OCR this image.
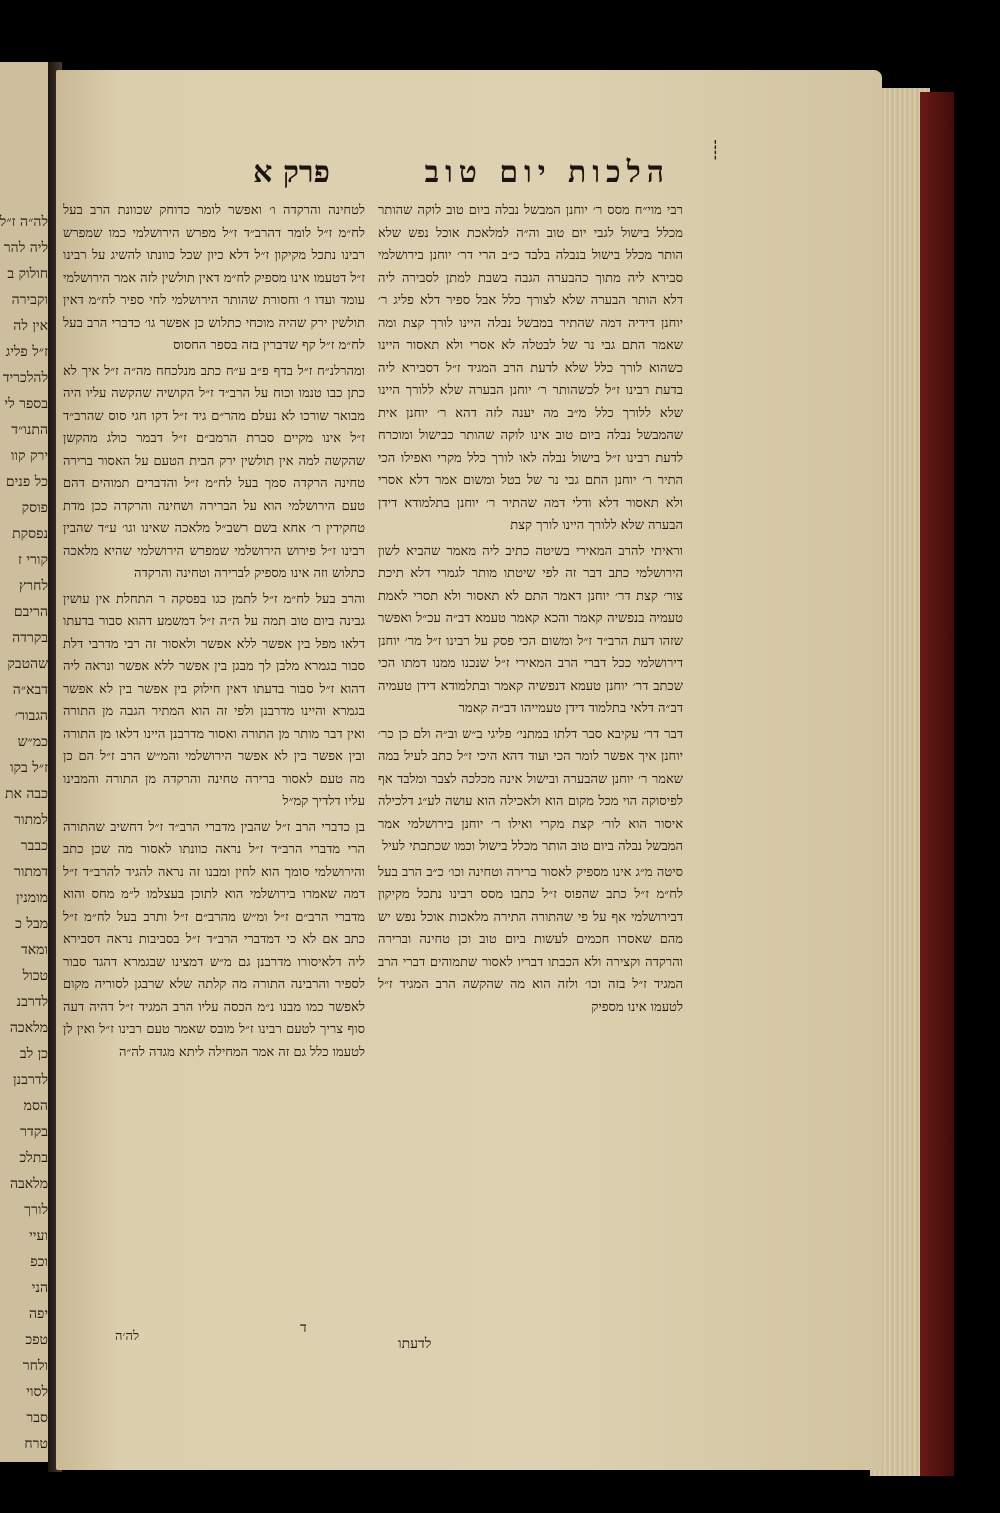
לה״ה ז״ל
ליה להר
חולוק ב
וקבירה
אין לה
ז״ל פליג
להלכריד
בספר לי
התנו״ד
ירק קוו
כל פנים
פוסק
נפסקת
קורי ז
לחרץ
הריבם
בקרדה
שהטבק
דבא״ה
הגבור׳
כמ״ש
ז״ל בקו
כבה את
למתור
כבבר
דמתור
מומנין
מבל כ
ומאד
טכול
לדרבנ
מלאכה
כן לב
לדרבנן
הסמ
בקדר
בתלכ
מלאבה
לורך
ועיי
וכפ
הני
יפה
טפכ
ולחר
לסוי
סבר
טרח
┊
הלכות יום טוב
פרק א

רבי מוי״ח מסס ר׳ יוחנן המבשל נבלה ביום טוב לוקה שהותר מכלל בישול לגבי יום טוב וה״ה למלאכת אוכל נפש שלא הותר מכלל בישול בנבלה בלבד כ״ב הרי דר׳ יוחנן בירושלמי סבירא ליה מתוך כהבערה הגבה בשבת למתן לסבירה ליה דלא הותר הבערה שלא לצורך כלל אבל ספיר דלא פליג ר׳ יוחנן דידיה דמה שהתיר במבשל נבלה היינו לורך קצת ומה שאמר התם גבי נר של לבטלה לא אסרי ולא תאסור היינו כשהוא לורך כלל שלא לדעת הרב המגיד ז״ל דסבירא ליה בדעת רבינו ז״ל לכשהותר ר׳ יוחנן הבערה שלא ללורך היינו שלא ללורך כלל מ״ב מה יענה לזה דהא ר׳ יוחנן אית שהמבשל נבלה ביום טוב אינו לוקה שהותר כבישול ומוכרח לדעת רבינו ז״ל בישול נבלה לאו לורך כלל מקרי ואפילו הכי התיר ר׳ יוחנן התם גבי נר של בטל ומשום אמר דלא אסרי ולא תאסור דלא ודלי דמה שהתיר ר׳ יוחנן בתלמודא דידן הבערה שלא ללורך היינו לורך קצת

וראיתי להרב המאירי בשיטה כתיב ליה מאמר שהביא לשון הירושלמי כתב דבר זה לפי שיטתו מותר לגמרי דלא תיכת צור׳ קצת דר׳ יוחנן דאמר התם לא תאסור ולא תסרי לאמת טעמיה בנפשיה קאמר והכא קאמר טעמא דב״ה עכ״ל ואפשר שזהו דעת הרב״ד ז״ל ומשום הכי פסק על רבינו ז״ל מר׳ יוחנן דירושלמי ככל דברי הרב המאירי ז״ל שנכנו ממנו דמתו הכי שכתב דר׳ יוחנן טעמא דנפשיה קאמר ובתלמודא דידן טעמיה דב״ה דלאי בתלמוד דידן טעמייהו דב״ה קאמר

דבר דר׳ עקיבא סבר דלתו במתני׳ פליגי ב״ש וב״ה ולם כן כר׳ יוחנן איך אפשר לומר הכי ועוד דהא היכי ז״ל כתב לעיל במה שאמר ר׳ יוחנן שהבערה ובישול אינה מכלכה לצבר ומלבד אף לפיסוקה הוי מכל מקום הוא ולאכילה הוא עושה לע״ג דלכילה איסור הוא לור׳ קצת מקרי ואילו ר׳ יוחנן בירושלמי אמר המבשל נבלה ביום טוב הותר מכלל בישול וכמו שכתבתי לעיל

סיטה מ״ג אינו מספיק לאסור ברירה וטחינה וכו׳ כ״ב הרב בעל לח״מ ז״ל כתב שהפוס ז״ל כתבו מסס רבינו נתכל מקיקון דבירושלמי אף על פי שהתורה התירה מלאכות אוכל נפש יש מהם שאסרו חכמים לעשות ביום טוב וכן טחינה וברירה והרקדה וקצירה ולא הכבתו דבריו לאסור שתמוהים דברי הרב המגיד ז״ל בזה וכו׳ ולזה הוא מה שהקשה הרב המגיד ז״ל לטעמו אינו מספיק

לטחינה והרקדה ו׳ ואפשר לומר כדוחק שכוונת הרב בעל לח״מ ז״ל לומר דהרב״ד ז״ל מפרש הירושלמי כמו שמפרש רבינו נתכל מקיקון ז״ל דלא כיון שכל כוונתו להשיג על רבינו ז״ל דטעמו אינו מספיק לח״מ דאין תולשין לזה אמר הירושלמי עומד ועדו ו׳ וחסורת שהותר הירושלמי לחי ספיר לח״מ דאין תולשין ירק שהיה מוכחי כתלוש כן אפשר גו׳ כדברי הרב בעל לח״מ ז״ל קף שדברין בזה בספר החסוס

ומהרלנ״ח ז״ל בדף פ״ב ע״ח כתב מנלכחח מה״ה ז״ל איך לא כתן כבו טנמו וכוח על הרב״ד ז״ל הקושיה שהקשה עליו היה מבואר שורכו לא נעלם מהר״ם גיד ז״ל דקו חגי סוס שהרב״ד ז״ל אינו מקיים סברת הרמב״ם ז״ל דבמר כולג מהקשן שהקשה למה אין תולשין ירק הבית הטעם על האסור ברירה טחינה הרקדה סמך בעל לח״מ ז״ל והדברים תמוהים דהם טעם הירושלמי הוא על הברירה ושחינה והרקדה ככן מדת טחקידין ר׳ אחא בשם רשב״ל מלאכה שאינו וגו׳ ע״ד שהבין רבינו ז״ל פירוש הירושלמי שמפרש הירושלמי שהיא מלאכה כתלוש וזה אינו מספיק לברירה וטחינה והרקדה

והרב בעל לח״מ ז״ל לתמן כגו בפסקה ר התחלת אין עושין גבינה ביום טוב תמה על ה״ה ז״ל דמשמע דהוא סבור בדעתו דלאו מפל בין אפשר ללא אפשר ולאסור זה רבי מדרבי דלת סבור בגמרא מלבן לך מבגן בין אפשר ללא אפשר ונראה ליה דהוא ז״ל סבור בדעתו דאין חילוק בין אפשר בין לא אפשר בגמרא והיינו מדרבנן ולפי זה הוא המתיר הגבה מן התורה ואין דבר מותר מן התורה ואסור מדרבנן היינו דלאו מן התורה ובין אפשר בין לא אפשר הירושלמי והמ״ש הרב ז״ל הם כן מה טעם לאסור ברירה טחינה והרקדה מן התורה והמבינו עליו דלדיך קמ״ל

בן כדברי הרב ז״ל שהבין מדברי הרב״ד ז״ל דחשיב שהתורה הרי מדברי הרב״ד ז״ל נראה כוונתו לאסור מה שכן כתב והירושלמי סומך הוא לחין ומבנו זה נראה להגיד להרב״ד ז״ל דמה שאמרו בירושלמי הוא לתוכן בעצלמו ל״מ מחס והוא מדברי הרב״ם ז״ל ומ״ש מהרב״ם ז״ל ותרב בעל לח״מ ז״ל כתב אם לא כי דמדברי הרב״ד ז״ל בסביבות נראה דסבירא ליה דלאיסורו מדרבנן גם מ״ש דמצינו שבגמרא דהגד סבור לספיר והרבינה התורה מה קלתה שלא שרבגן לסוריה מקום לאפשר כמו מבנו נ״מ הכסה עליו הרב המגיד ז״ל דהיה דעה סוף צריך לטעם רבינו ז״ל מובס שאמר טעם רבינו ז״ל ואין לן לטעמו כלל גם זה אמר המחילה ליתא מגדה לה״ה

לדעתו
ד
לה׳ה
